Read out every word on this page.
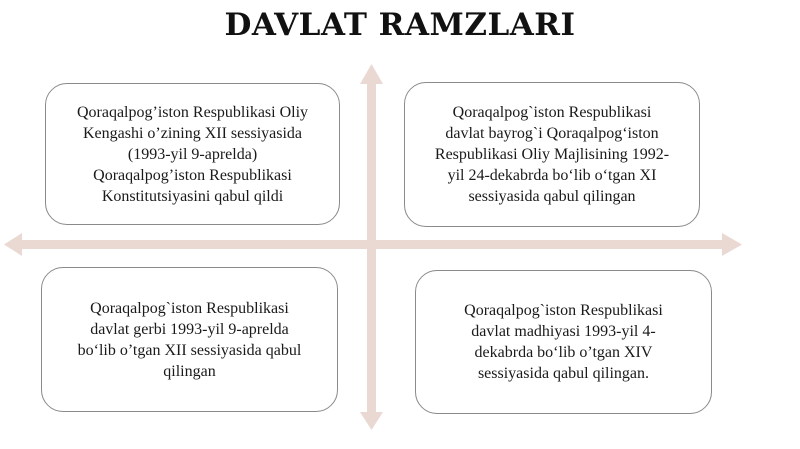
DAVLAT RAMZLARI
Qoraqalpog’iston Respublikasi Oliy
Kengashi o’zining XII sessiyasida
(1993-yil 9-aprelda)
Qoraqalpog’iston Respublikasi
Konstitutsiyasini qabul qildi
Qoraqalpog`iston Respublikasi
davlat bayrog`i Qoraqalpog‘iston
Respublikasi Oliy Majlisining 1992-
yil 24-dekabrda bo‘lib o‘tgan XI
sessiyasida qabul qilingan
Qoraqalpog`iston Respublikasi
davlat gerbi 1993-yil 9-aprelda
bo‘lib o’tgan XII sessiyasida qabul
qilingan
Qoraqalpog`iston Respublikasi
davlat madhiyasi 1993-yil 4-
dekabrda bo‘lib o’tgan XIV
sessiyasida qabul qilingan.
